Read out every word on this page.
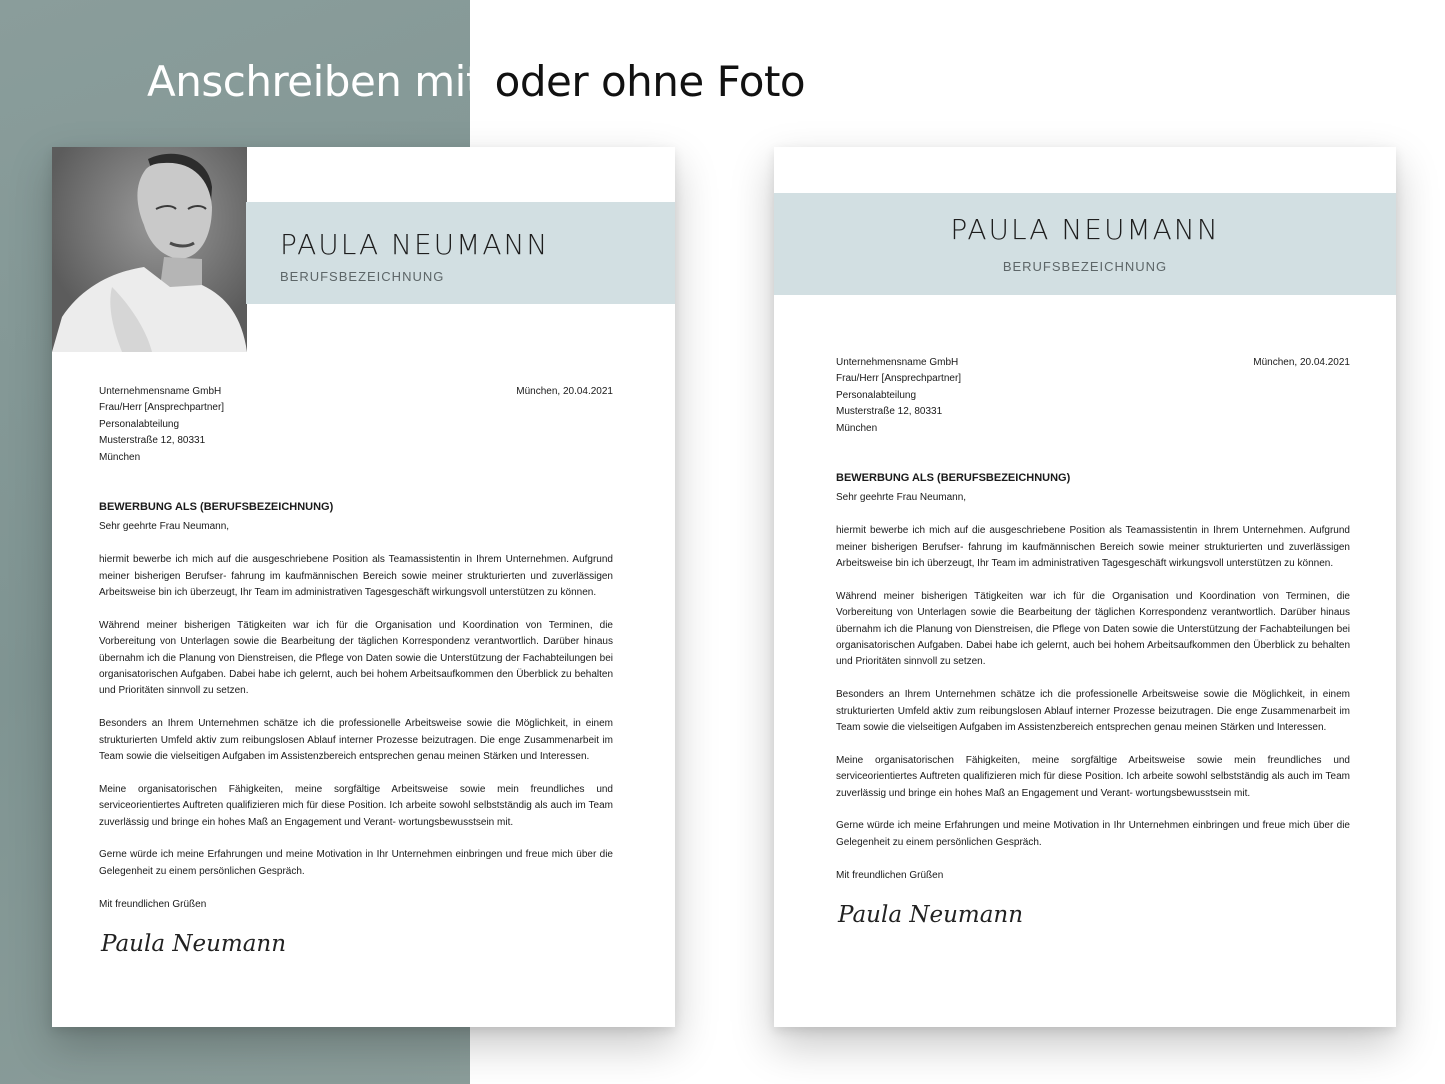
Anschreiben mit oder ohne Foto
PAULA NEUMANN

BERUFSBEZEICHNUNG

Unternehmensname GmbH
Frau/Herr [Ansprechpartner]
Personalabteilung
Musterstraße 12, 80331
München
München, 20.04.2021
BEWERBUNG ALS (BERUFSBEZEICHNUNG)

Sehr geehrte Frau Neumann,

hiermit bewerbe ich mich auf die ausgeschriebene Position als Teamassistentin in Ihrem Unternehmen. Aufgrund meiner bisherigen Berufser- fahrung im kaufmännischen Bereich sowie meiner strukturierten und zuverlässigen Arbeitsweise bin ich überzeugt, Ihr Team im administrativen Tagesgeschäft wirkungsvoll unterstützen zu können.

Während meiner bisherigen Tätigkeiten war ich für die Organisation und Koordination von Terminen, die Vorbereitung von Unterlagen sowie die Bearbeitung der täglichen Korrespondenz verantwortlich. Darüber hinaus übernahm ich die Planung von Dienstreisen, die Pflege von Daten sowie die Unterstützung der Fachabteilungen bei organisatorischen Aufgaben. Dabei habe ich gelernt, auch bei hohem Arbeitsaufkommen den Überblick zu behalten und Prioritäten sinnvoll zu setzen.

Besonders an Ihrem Unternehmen schätze ich die professionelle Arbeitsweise sowie die Möglichkeit, in einem strukturierten Umfeld aktiv zum reibungslosen Ablauf interner Prozesse beizutragen. Die enge Zusammenarbeit im Team sowie die vielseitigen Aufgaben im Assistenzbereich entsprechen genau meinen Stärken und Interessen.

Meine organisatorischen Fähigkeiten, meine sorgfältige Arbeitsweise sowie mein freundliches und serviceorientiertes Auftreten qualifizieren mich für diese Position. Ich arbeite sowohl selbstständig als auch im Team zuverlässig und bringe ein hohes Maß an Engagement und Verant- wortungsbewusstsein mit.

Gerne würde ich meine Erfahrungen und meine Motivation in Ihr Unternehmen einbringen und freue mich über die Gelegenheit zu einem persönlichen Gespräch.

Mit freundlichen Grüßen

Paula Neumann
PAULA NEUMANN

BERUFSBEZEICHNUNG

Unternehmensname GmbH
Frau/Herr [Ansprechpartner]
Personalabteilung
Musterstraße 12, 80331
München
München, 20.04.2021
BEWERBUNG ALS (BERUFSBEZEICHNUNG)

Sehr geehrte Frau Neumann,

hiermit bewerbe ich mich auf die ausgeschriebene Position als Teamassistentin in Ihrem Unternehmen. Aufgrund meiner bisherigen Berufser- fahrung im kaufmännischen Bereich sowie meiner strukturierten und zuverlässigen Arbeitsweise bin ich überzeugt, Ihr Team im administrativen Tagesgeschäft wirkungsvoll unterstützen zu können.

Während meiner bisherigen Tätigkeiten war ich für die Organisation und Koordination von Terminen, die Vorbereitung von Unterlagen sowie die Bearbeitung der täglichen Korrespondenz verantwortlich. Darüber hinaus übernahm ich die Planung von Dienstreisen, die Pflege von Daten sowie die Unterstützung der Fachabteilungen bei organisatorischen Aufgaben. Dabei habe ich gelernt, auch bei hohem Arbeitsaufkommen den Überblick zu behalten und Prioritäten sinnvoll zu setzen.

Besonders an Ihrem Unternehmen schätze ich die professionelle Arbeitsweise sowie die Möglichkeit, in einem strukturierten Umfeld aktiv zum reibungslosen Ablauf interner Prozesse beizutragen. Die enge Zusammenarbeit im Team sowie die vielseitigen Aufgaben im Assistenzbereich entsprechen genau meinen Stärken und Interessen.

Meine organisatorischen Fähigkeiten, meine sorgfältige Arbeitsweise sowie mein freundliches und serviceorientiertes Auftreten qualifizieren mich für diese Position. Ich arbeite sowohl selbstständig als auch im Team zuverlässig und bringe ein hohes Maß an Engagement und Verant- wortungsbewusstsein mit.

Gerne würde ich meine Erfahrungen und meine Motivation in Ihr Unternehmen einbringen und freue mich über die Gelegenheit zu einem persönlichen Gespräch.

Mit freundlichen Grüßen

Paula Neumann
